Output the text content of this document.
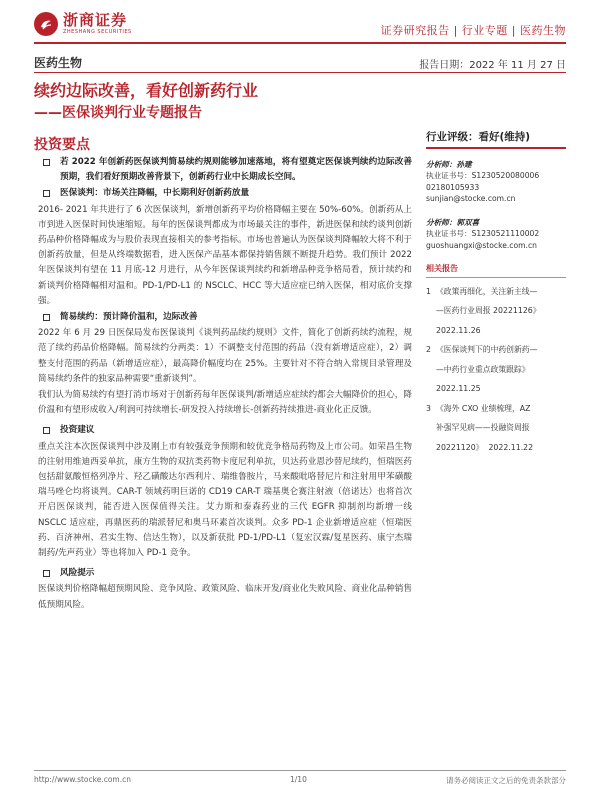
浙商证券
ZHESHANG SECURITIES	证券研究报告 | 行业专题 | 医药生物
医药生物	报告日期：2022 年 11 月 27 日
续约边际改善，看好创新药行业
——医保谈判行业专题报告
投资要点
若 2022 年创新药医保谈判简易续约规则能够加速落地，将有望奠定医保谈判续约边际改善预期，我们看好预期改善背景下，创新药行业中长期成长空间。
医保谈判：市场关注降幅，中长期利好创新药放量
2016- 2021 年共进行了 6 次医保谈判，新增创新药平均价格降幅主要在 50%-60%。创新药从上市到进入医保时间快速缩短。每年的医保谈判都成为市场最关注的事件，新进医保和续约谈判创新药品种价格降幅成为与股价表现直接相关的参考指标。市场也普遍认为医保谈判降幅较大将不利于创新药放量，但是从终端数据看，进入医保产品基本都保持销售额不断提升趋势。我们预计 2022 年医保谈判有望在 11 月底-12 月进行，从今年医保谈判续约和新增品种竞争格局看，预计续约和新谈判价格降幅相对温和。PD-1/PD-L1 的 NSCLC、HCC 等大适应症已纳入医保，相对底价支撑强。
简易续约：预计降价温和，边际改善
2022 年 6 月 29 日医保局发布医保谈判《谈判药品续约规则》文件，简化了创新药续约流程，规范了续约药品价格降幅。简易续约分两类：1）不调整支付范围的药品（没有新增适应症），2）调整支付范围的药品（新增适应症），最高降价幅度均在 25%。主要针对不符合纳入常规目录管理及简易续约条件的独家品种需要“重新谈判”。
我们认为简易续约有望打消市场对于创新药每年医保谈判/新增适应症续约都会大幅降价的担心，降价温和有望形成收入/利润可持续增长-研发投入持续增长-创新药持续推进-商业化正反馈。
投资建议
重点关注本次医保谈判中涉及刚上市有较强竞争预期和较优竞争格局药物及上市公司。如荣昌生物的注射用维迪西妥单抗，康方生物的双抗类药物卡度尼利单抗，贝达药业恩沙替尼续约，恒瑞医药包括甜氨酸恒格列净片、羟乙磺酸达尔西利片、瑞维鲁胺片，马来酸吡咯替尼片和注射用甲苯磺酸瑞马唑仑均将谈判。CAR-T 领域药明巨诺的 CD19 CAR-T 瑞基奥仑赛注射液（倍诺达）也将首次开启医保谈判，能否进入医保值得关注。艾力斯和泰森药业的三代 EGFR 抑制剂均新增一线 NSCLC 适应症，再鼎医药的瑞派替尼和奥马环素首次谈判。众多 PD-1 企业新增适应症（恒瑞医药、百济神州、君实生物、信达生物），以及新获批 PD-1/PD-L1（复宏汉霖/复星医药、康宁杰瑞制药/先声药业）等也将加入 PD-1 竞争。
风险提示
医保谈判价格降幅超预期风险、竞争风险、政策风险、临床开发/商业化失败风险、商业化品种销售低预期风险。
行业评级：看好(维持)
分析师：孙建
执业证书号：S1230520080006
02180105933
sunjian@stocke.com.cn
分析师：郭双喜
执业证书号：S1230521110002
guoshuangxi@stocke.com.cn
相关报告
1 《政策再细化，关注新主线—
—医药行业周报 20221126》
2022.11.26
2 《医保谈判下的中药创新药—
—中药行业重点政策跟踪》
2022.11.25
3 《海外 CXO 业绩梳理，AZ
补强罕见病——投融资周报
20221120》 2022.11.22
http://www.stocke.com.cn	1/10	请务必阅读正文之后的免责条款部分
